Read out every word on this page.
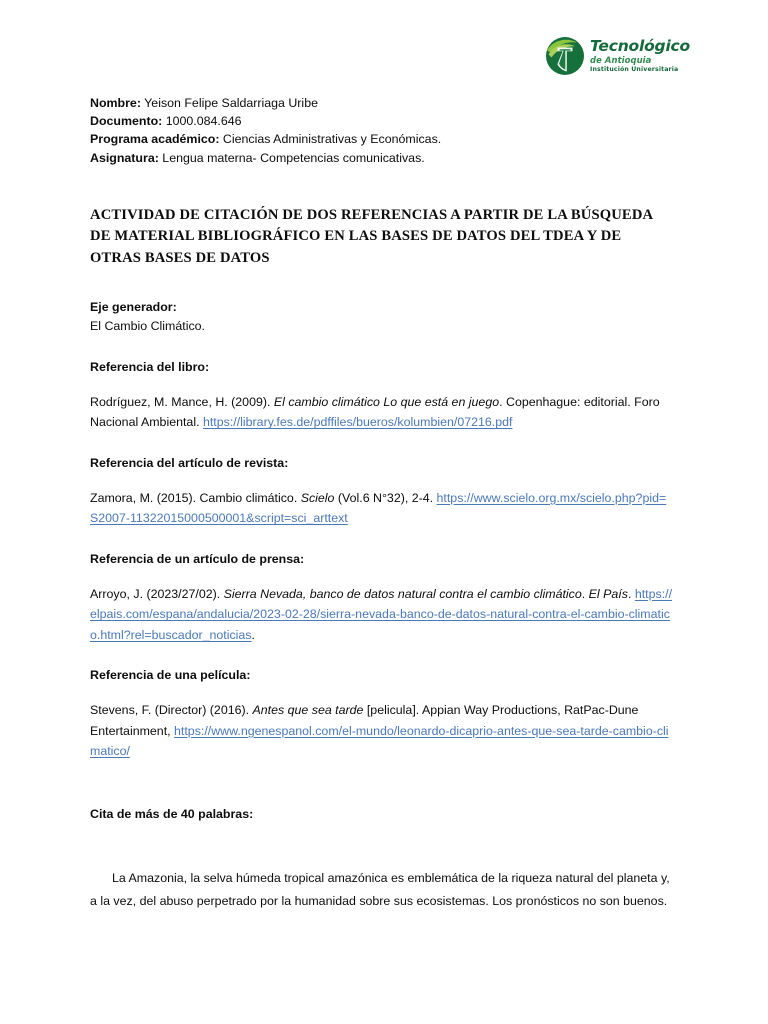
Tecnológico
de Antioquia
Institución Universitaria
Nombre: Yeison Felipe Saldarriaga Uribe
Documento: 1000.084.646
Programa académico: Ciencias Administrativas y Económicas.
Asignatura: Lengua materna- Competencias comunicativas.
ACTIVIDAD DE CITACIÓN DE DOS REFERENCIAS A PARTIR DE LA BÚSQUEDA DE MATERIAL BIBLIOGRÁFICO EN LAS BASES DE DATOS DEL TDEA Y DE OTRAS BASES DE DATOS
Eje generador:
El Cambio Climático.
Referencia del libro:
Rodríguez, M. Mance, H. (2009). El cambio climático Lo que está en juego. Copenhague: editorial. Foro Nacional Ambiental. https://library.fes.de/pdffiles/bueros/kolumbien/07216.pdf
Referencia del artículo de revista:
Zamora, M. (2015). Cambio climático. Scielo (Vol.6 N°32), 2-4. https://www.scielo.org.mx/scielo.php?pid=S2007-11322015000500001&script=sci_arttext
Referencia de un artículo de prensa:
Arroyo, J. (2023/27/02). Sierra Nevada, banco de datos natural contra el cambio climático. El País. https://elpais.com/espana/andalucia/2023-02-28/sierra-nevada-banco-de-datos-natural-contra-el-cambio-climatico.html?rel=buscador_noticias.
Referencia de una película:
Stevens, F. (Director) (2016). Antes que sea tarde [pelicula]. Appian Way Productions, RatPac-Dune Entertainment, https://www.ngenespanol.com/el-mundo/leonardo-dicaprio-antes-que-sea-tarde-cambio-climatico/
Cita de más de 40 palabras:
La Amazonia, la selva húmeda tropical amazónica es emblemática de la riqueza natural del planeta y, a la vez, del abuso perpetrado por la humanidad sobre sus ecosistemas. Los pronósticos no son buenos.
